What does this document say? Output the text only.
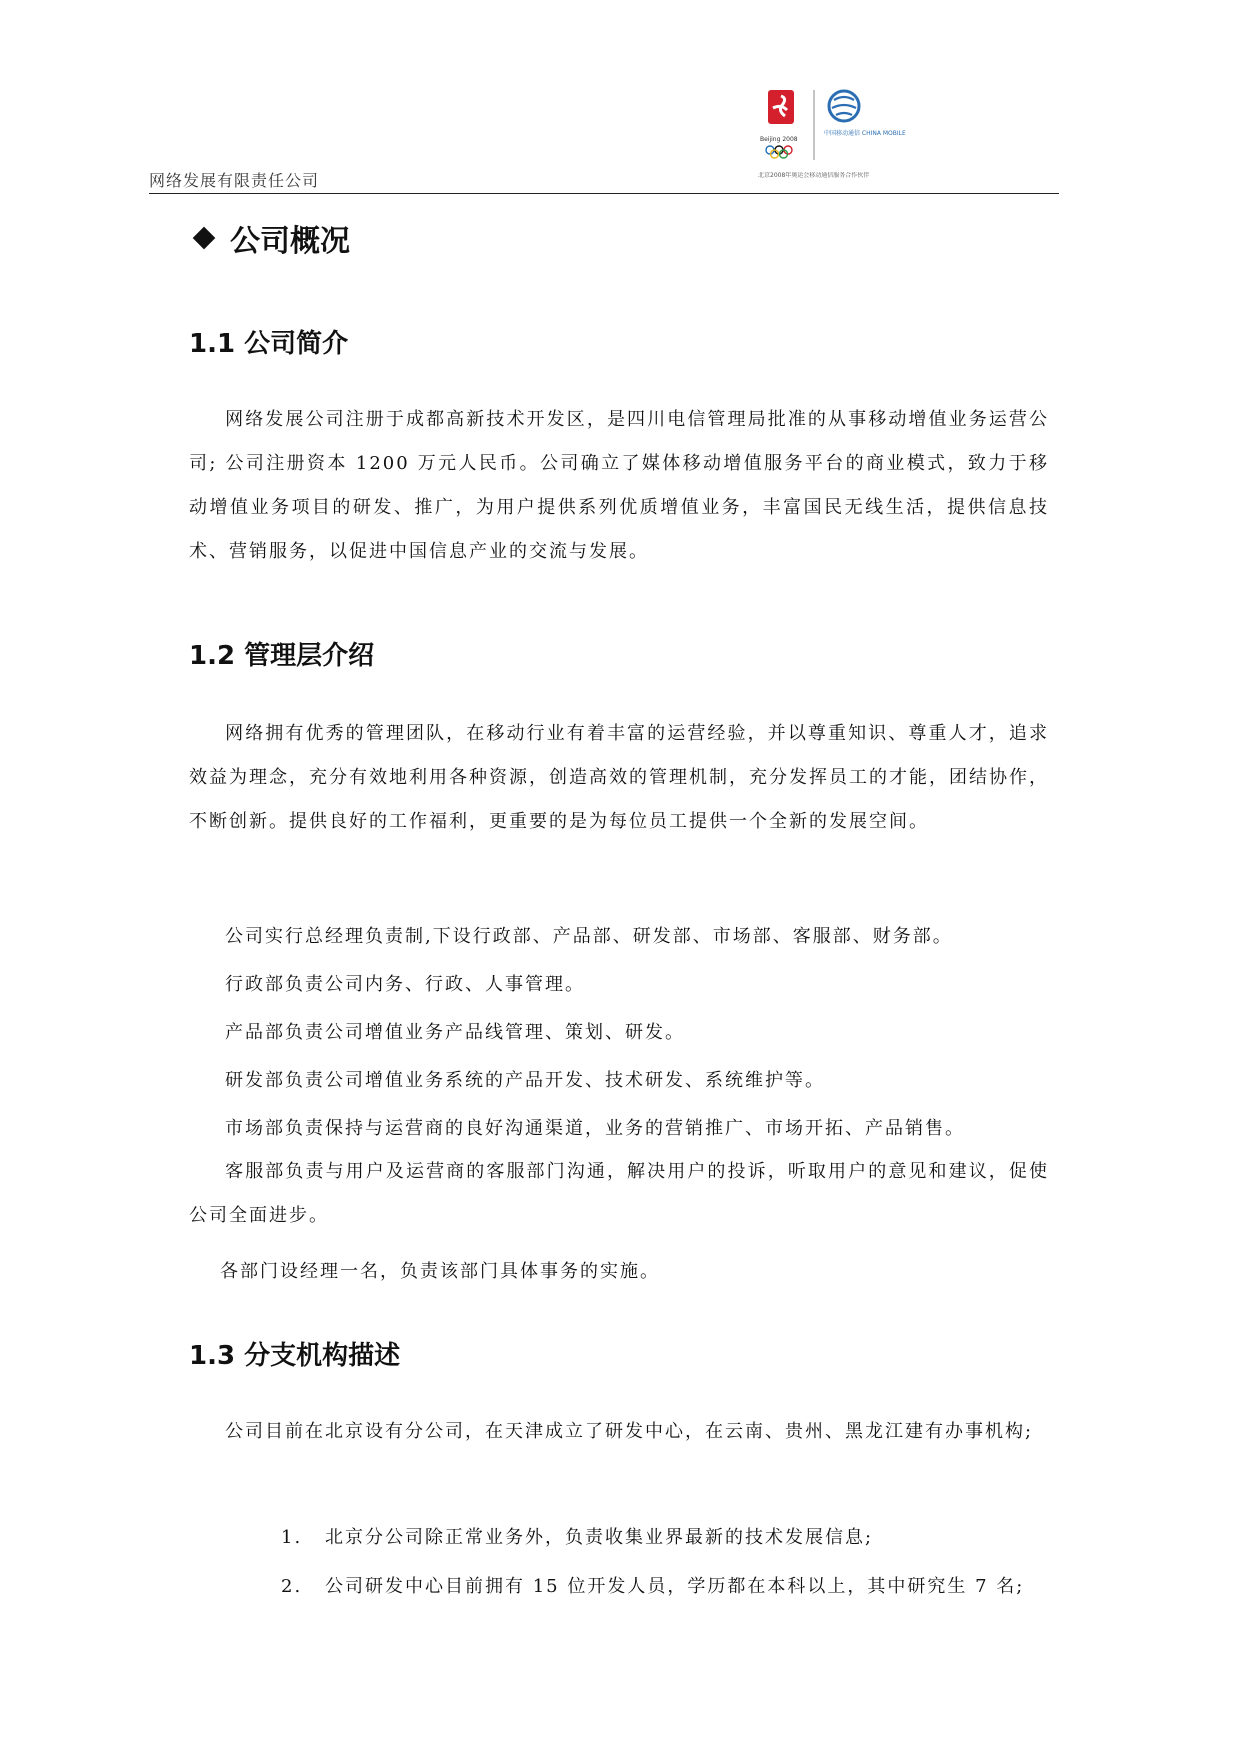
网络发展有限责任公司
Beijing 2008
中国移动通信 CHINA MOBILE
北京2008年奥运会移动通信服务合作伙伴
公司概况
1.1 公司简介

网络发展公司注册于成都高新技术开发区，是四川电信管理局批准的从事移动增值业务运营公司; 公司注册资本 1200 万元人民币。公司确立了媒体移动增值服务平台的商业模式，致力于移动增值业务项目的研发、推广，为用户提供系列优质增值业务，丰富国民无线生活，提供信息技术、营销服务，以促进中国信息产业的交流与发展。

1.2 管理层介绍

网络拥有优秀的管理团队，在移动行业有着丰富的运营经验，并以尊重知识、尊重人才，追求效益为理念，充分有效地利用各种资源，创造高效的管理机制，充分发挥员工的才能，团结协作，不断创新。提供良好的工作福利，更重要的是为每位员工提供一个全新的发展空间。

公司实行总经理负责制,下设行政部、产品部、研发部、市场部、客服部、财务部。
行政部负责公司内务、行政、人事管理。
产品部负责公司增值业务产品线管理、策划、研发。
研发部负责公司增值业务系统的产品开发、技术研发、系统维护等。
市场部负责保持与运营商的良好沟通渠道，业务的营销推广、市场开拓、产品销售。

客服部负责与用户及运营商的客服部门沟通，解决用户的投诉，听取用户的意见和建议，促使公司全面进步。

各部门设经理一名，负责该部门具体事务的实施。
1.3 分支机构描述

公司目前在北京设有分公司，在天津成立了研发中心，在云南、贵州、黑龙江建有办事机构;

1. 北京分公司除正常业务外，负责收集业界最新的技术发展信息;
2. 公司研发中心目前拥有 15 位开发人员，学历都在本科以上，其中研究生 7 名;
